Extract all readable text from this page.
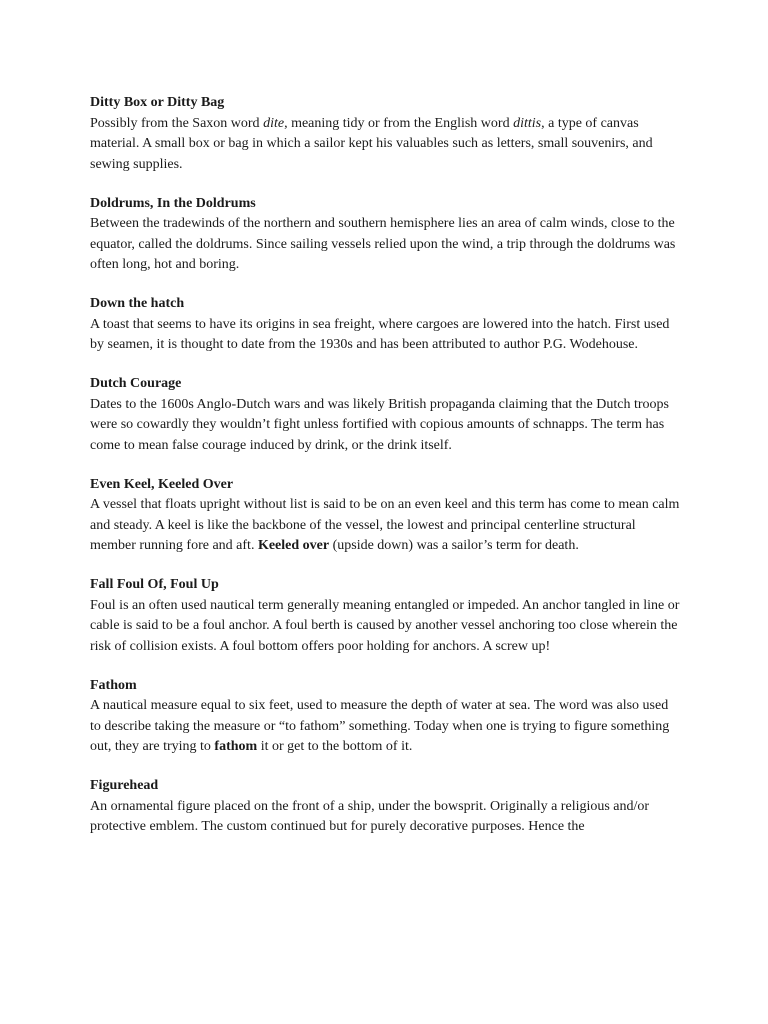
Ditty Box or Ditty Bag

Possibly from the Saxon word dite, meaning tidy or from the English word dittis, a type of canvas material. A small box or bag in which a sailor kept his valuables such as letters, small souvenirs, and sewing supplies.

Doldrums, In the Doldrums

Between the tradewinds of the northern and southern hemisphere lies an area of calm winds, close to the equator, called the doldrums. Since sailing vessels relied upon the wind, a trip through the doldrums was often long, hot and boring.

Down the hatch

A toast that seems to have its origins in sea freight, where cargoes are lowered into the hatch. First used by seamen, it is thought to date from the 1930s and has been attributed to author P.G. Wodehouse.

Dutch Courage

Dates to the 1600s Anglo-Dutch wars and was likely British propaganda claiming that the Dutch troops were so cowardly they wouldn’t fight unless fortified with copious amounts of schnapps. The term has come to mean false courage induced by drink, or the drink itself.

Even Keel, Keeled Over

A vessel that floats upright without list is said to be on an even keel and this term has come to mean calm and steady. A keel is like the backbone of the vessel, the lowest and principal centerline structural member running fore and aft. Keeled over (upside down) was a sailor’s term for death.

Fall Foul Of, Foul Up

Foul is an often used nautical term generally meaning entangled or impeded. An anchor tangled in line or cable is said to be a foul anchor. A foul berth is caused by another vessel anchoring too close wherein the risk of collision exists. A foul bottom offers poor holding for anchors. A screw up!

Fathom

A nautical measure equal to six feet, used to measure the depth of water at sea. The word was also used to describe taking the measure or “to fathom” something. Today when one is trying to figure something out, they are trying to fathom it or get to the bottom of it.

Figurehead

An ornamental figure placed on the front of a ship, under the bowsprit. Originally a religious and/or protective emblem. The custom continued but for purely decorative purposes. Hence the
